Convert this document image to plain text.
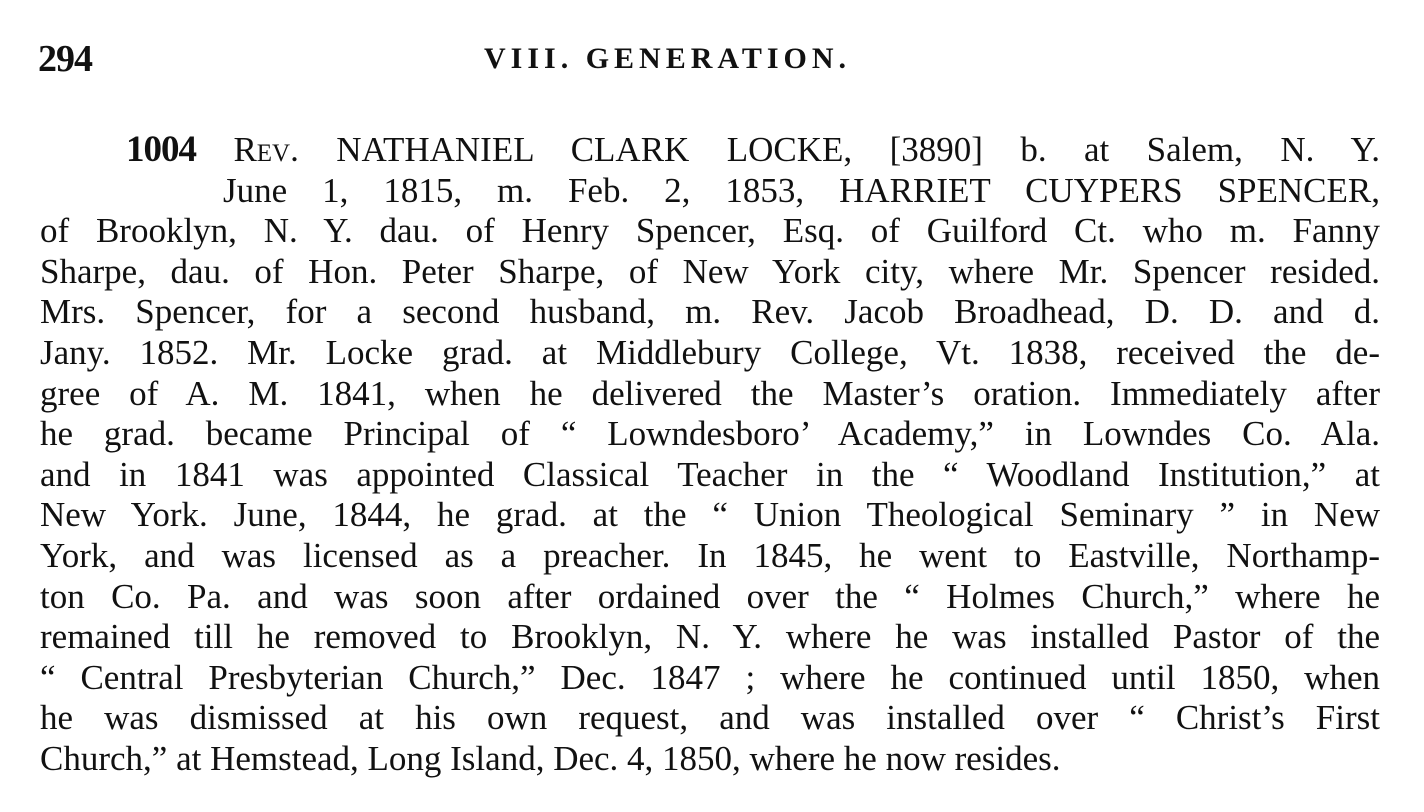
294	VIII. GENERATION.
1004 Rev. NATHANIEL CLARK LOCKE, [3890] b. at Salem, N. Y.
June 1, 1815, m. Feb. 2, 1853, HARRIET CUYPERS SPENCER,
of Brooklyn, N. Y. dau. of Henry Spencer, Esq. of Guilford Ct. who m. Fanny
Sharpe, dau. of Hon. Peter Sharpe, of New York city, where Mr. Spencer resided.
Mrs. Spencer, for a second husband, m. Rev. Jacob Broadhead, D. D. and d.
Jany. 1852. Mr. Locke grad. at Middlebury College, Vt. 1838, received the de-
gree of A. M. 1841, when he delivered the Master’s oration. Immediately after
he grad. became Principal of “ Lowndesboro’ Academy,” in Lowndes Co. Ala.
and in 1841 was appointed Classical Teacher in the “ Woodland Institution,” at
New York. June, 1844, he grad. at the “ Union Theological Seminary ” in New
York, and was licensed as a preacher. In 1845, he went to Eastville, Northamp-
ton Co. Pa. and was soon after ordained over the “ Holmes Church,” where he
remained till he removed to Brooklyn, N. Y. where he was installed Pastor of the
“ Central Presbyterian Church,” Dec. 1847 ; where he continued until 1850, when
he was dismissed at his own request, and was installed over “ Christ’s First
Church,” at Hemstead, Long Island, Dec. 4, 1850, where he now resides.
